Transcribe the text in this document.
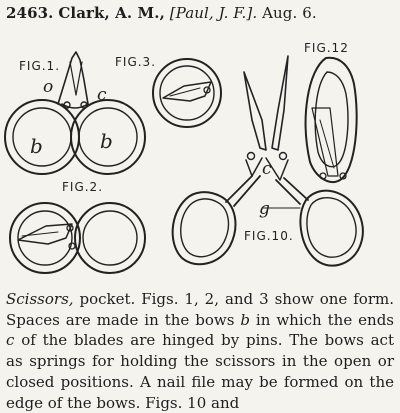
2463. Clark, A. M., [Paul, J. F.]. Aug. 6.
FIG.1.	FIG.3.
FIG.12
FIG.2.
FIG.10.
o	c
b	b
c
g
Scissors, pocket. Figs. 1, 2, and 3 show one form. Spaces are made in the bows b in which the ends c of the blades are hinged by pins. The bows act as springs for holding the scissors in the open or closed positions. A nail file may be formed on the edge of the bows. Figs. 10 and
